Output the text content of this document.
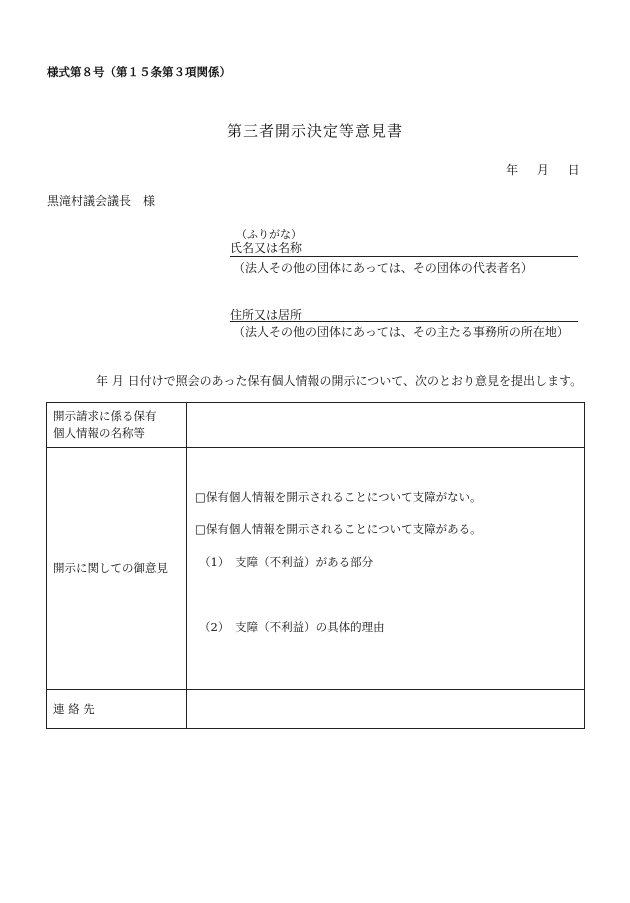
様式第８号（第１５条第３項関係）
第三者開示決定等意見書
年 月 日
黒滝村議会議長　様
（ふりがな）
氏名又は名称
（法人その他の団体にあっては、その団体の代表者名）
住所又は居所
（法人その他の団体にあっては、その主たる事務所の所在地）
年 月 日付けで照会のあった保有個人情報の開示について、次のとおり意見を提出します。
開示請求に係る保有
個人情報の名称等	

開示に関しての御意見	□保有個人情報を開示されることについて支障がない。
□保有個人情報を開示されることについて支障がある。
（1）　支障（不利益）がある部分
（2）　支障（不利益）の具体的理由

連 絡 先	
